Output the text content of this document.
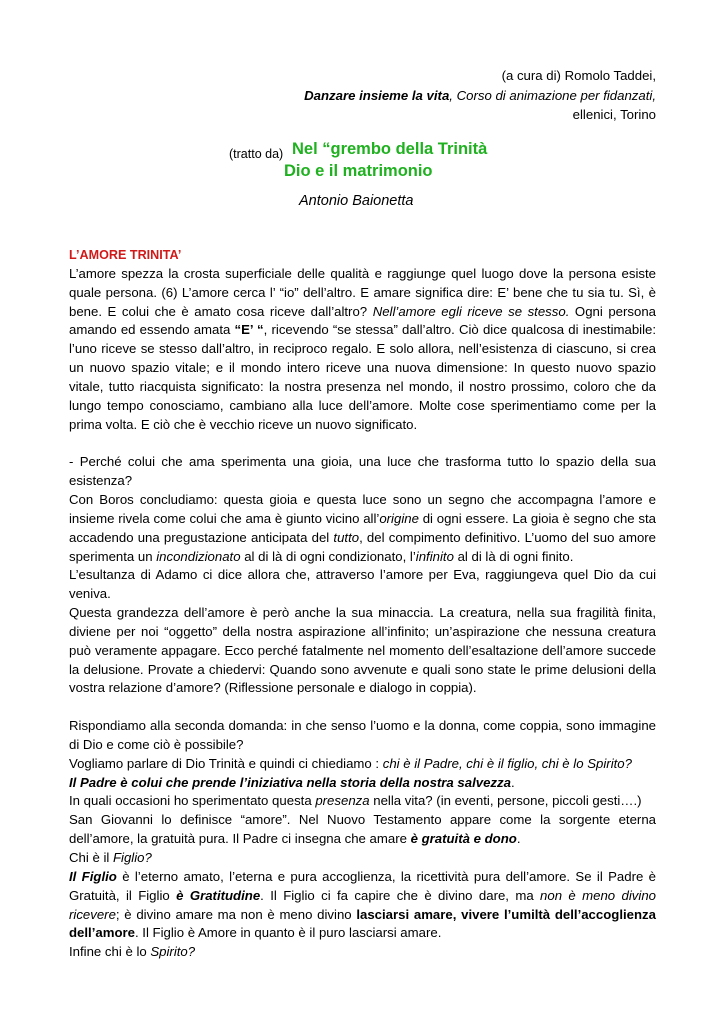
(a cura di) Romolo Taddei,
Danzare insieme la vita, Corso di animazione per fidanzati,
ellenici, Torino
(tratto da) Nel “grembo della Trinità
Dio e il matrimonio
Antonio Baionetta

L’AMORE TRINITA’

L’amore spezza la crosta superficiale delle qualità e raggiunge quel luogo dove la persona esiste quale persona. (6) L’amore cerca l’ “io” dell’altro. E amare significa dire: E’ bene che tu sia tu. Sì, è bene. E colui che è amato cosa riceve dall’altro? Nell’amore egli riceve se stesso. Ogni persona amando ed essendo amata “E’ “, ricevendo “se stessa” dall’altro. Ciò dice qualcosa di inestimabile: l’uno riceve se stesso dall’altro, in reciproco regalo. E solo allora, nell’esistenza di ciascuno, si crea un nuovo spazio vitale; e il mondo intero riceve una nuova dimensione: In questo nuovo spazio vitale, tutto riacquista significato: la nostra presenza nel mondo, il nostro prossimo, coloro che da lungo tempo conosciamo, cambiano alla luce dell’amore. Molte cose sperimentiamo come per la prima volta. E ciò che è vecchio riceve un nuovo significato.

- Perché colui che ama sperimenta una gioia, una luce che trasforma tutto lo spazio della sua esistenza?

Con Boros concludiamo: questa gioia e questa luce sono un segno che accompagna l’amore e insieme rivela come colui che ama è giunto vicino all’origine di ogni essere. La gioia è segno che sta accadendo una pregustazione anticipata del tutto, del compimento definitivo. L’uomo del suo amore sperimenta un incondizionato al di là di ogni condizionato, l’infinito al di là di ogni finito.

L’esultanza di Adamo ci dice allora che, attraverso l’amore per Eva, raggiungeva quel Dio da cui veniva.

Questa grandezza dell’amore è però anche la sua minaccia. La creatura, nella sua fragilità finita, diviene per noi “oggetto” della nostra aspirazione all’infinito; un’aspirazione che nessuna creatura può veramente appagare. Ecco perché fatalmente nel momento dell’esaltazione dell’amore succede la delusione. Provate a chiedervi: Quando sono avvenute e quali sono state le prime delusioni della vostra relazione d’amore? (Riflessione personale e dialogo in coppia).

Rispondiamo alla seconda domanda: in che senso l’uomo e la donna, come coppia, sono immagine di Dio e come ciò è possibile?

Vogliamo parlare di Dio Trinità e quindi ci chiediamo : chi è il Padre, chi è il figlio, chi è lo Spirito?

Il Padre è colui che prende l’iniziativa nella storia della nostra salvezza.

In quali occasioni ho sperimentato questa presenza nella vita? (in eventi, persone, piccoli gesti….)

San Giovanni lo definisce “amore”. Nel Nuovo Testamento appare come la sorgente eterna dell’amore, la gratuità pura. Il Padre ci insegna che amare è gratuità e dono.

Chi è il Figlio?

Il Figlio è l’eterno amato, l’eterna e pura accoglienza, la ricettività pura dell’amore. Se il Padre è Gratuità, il Figlio è Gratitudine. Il Figlio ci fa capire che è divino dare, ma non è meno divino ricevere; è divino amare ma non è meno divino lasciarsi amare, vivere l’umiltà dell’accoglienza dell’amore. Il Figlio è Amore in quanto è il puro lasciarsi amare.

Infine chi è lo Spirito?
